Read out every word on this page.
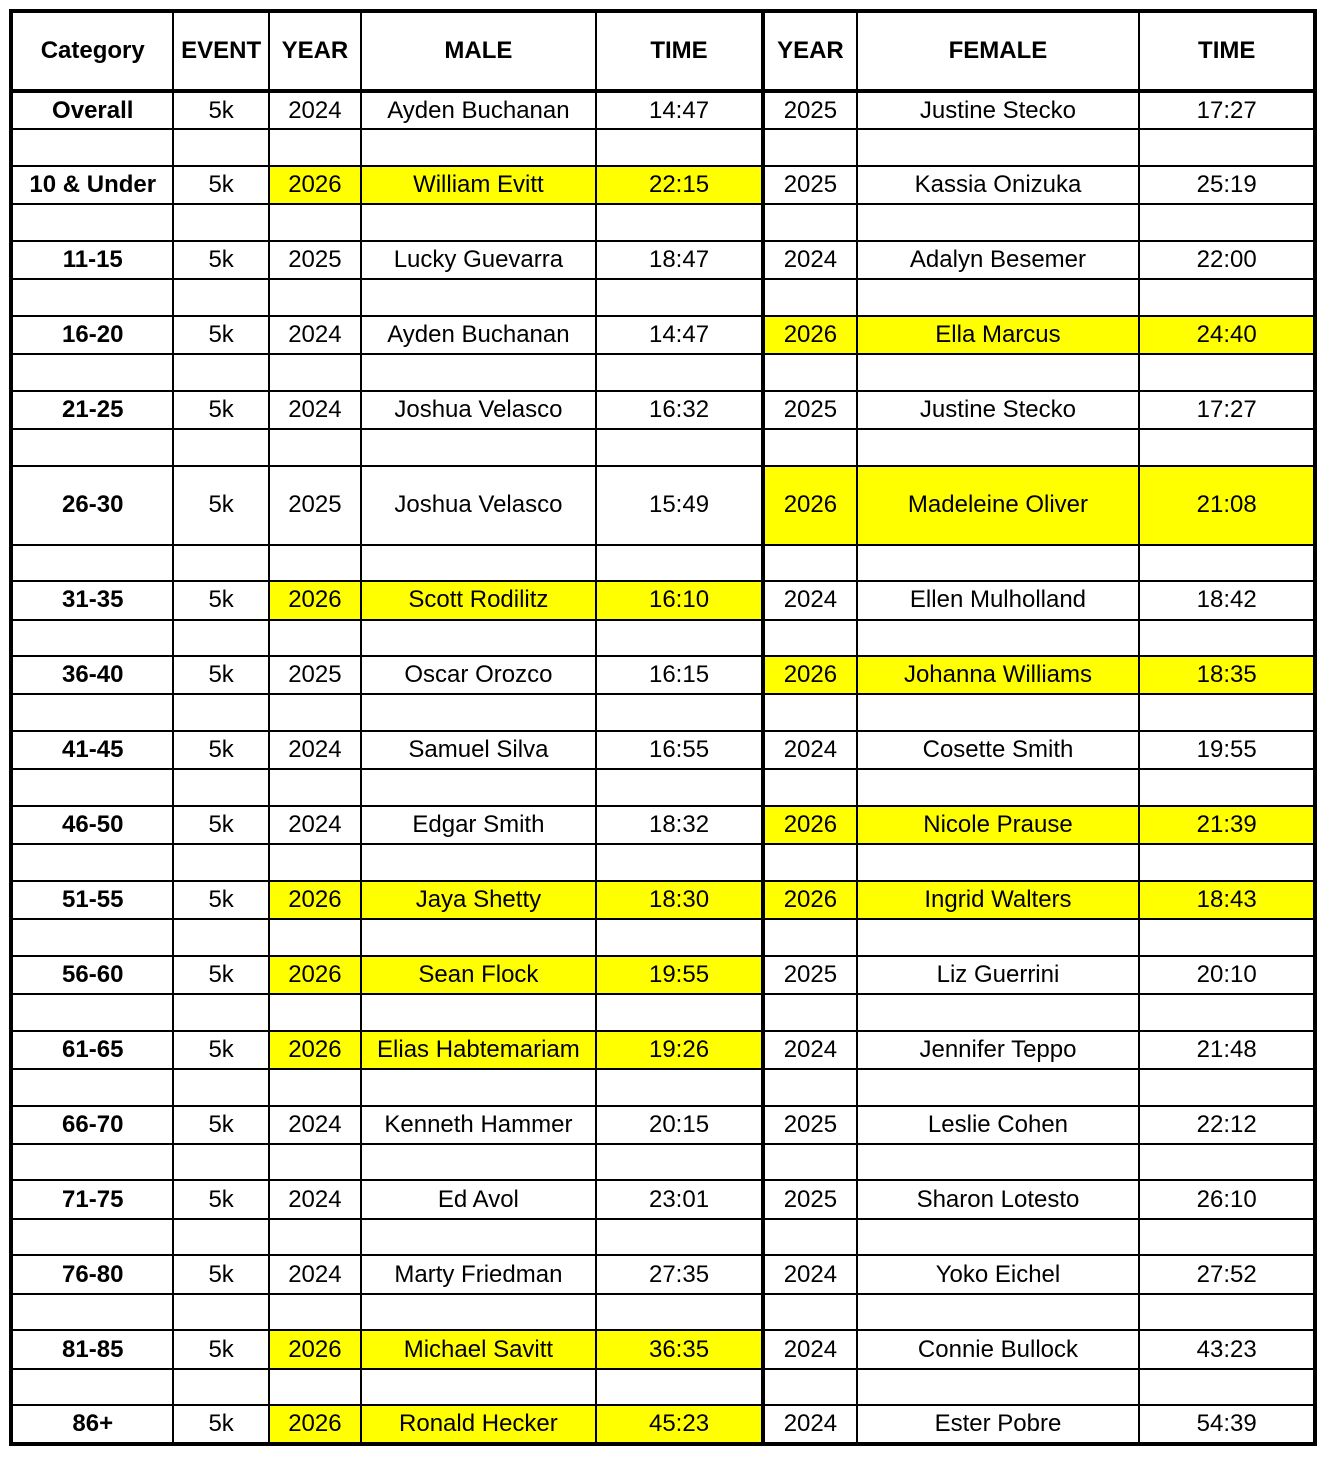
Category	EVENT	YEAR	MALE	TIME	YEAR	FEMALE	TIME
Overall	5k	2024	Ayden Buchanan	14:47	2025	Justine Stecko	17:27

10 & Under	5k	2026	William Evitt	22:15	2025	Kassia Onizuka	25:19

11-15	5k	2025	Lucky Guevarra	18:47	2024	Adalyn Besemer	22:00

16-20	5k	2024	Ayden Buchanan	14:47	2026	Ella Marcus	24:40

21-25	5k	2024	Joshua Velasco	16:32	2025	Justine Stecko	17:27

26-30	5k	2025	Joshua Velasco	15:49	2026	Madeleine Oliver	21:08

31-35	5k	2026	Scott Rodilitz	16:10	2024	Ellen Mulholland	18:42

36-40	5k	2025	Oscar Orozco	16:15	2026	Johanna Williams	18:35

41-45	5k	2024	Samuel Silva	16:55	2024	Cosette Smith	19:55

46-50	5k	2024	Edgar Smith	18:32	2026	Nicole Prause	21:39

51-55	5k	2026	Jaya Shetty	18:30	2026	Ingrid Walters	18:43

56-60	5k	2026	Sean Flock	19:55	2025	Liz Guerrini	20:10

61-65	5k	2026	Elias Habtemariam	19:26	2024	Jennifer Teppo	21:48

66-70	5k	2024	Kenneth Hammer	20:15	2025	Leslie Cohen	22:12

71-75	5k	2024	Ed Avol	23:01	2025	Sharon Lotesto	26:10

76-80	5k	2024	Marty Friedman	27:35	2024	Yoko Eichel	27:52

81-85	5k	2026	Michael Savitt	36:35	2024	Connie Bullock	43:23

86+	5k	2026	Ronald Hecker	45:23	2024	Ester Pobre	54:39
